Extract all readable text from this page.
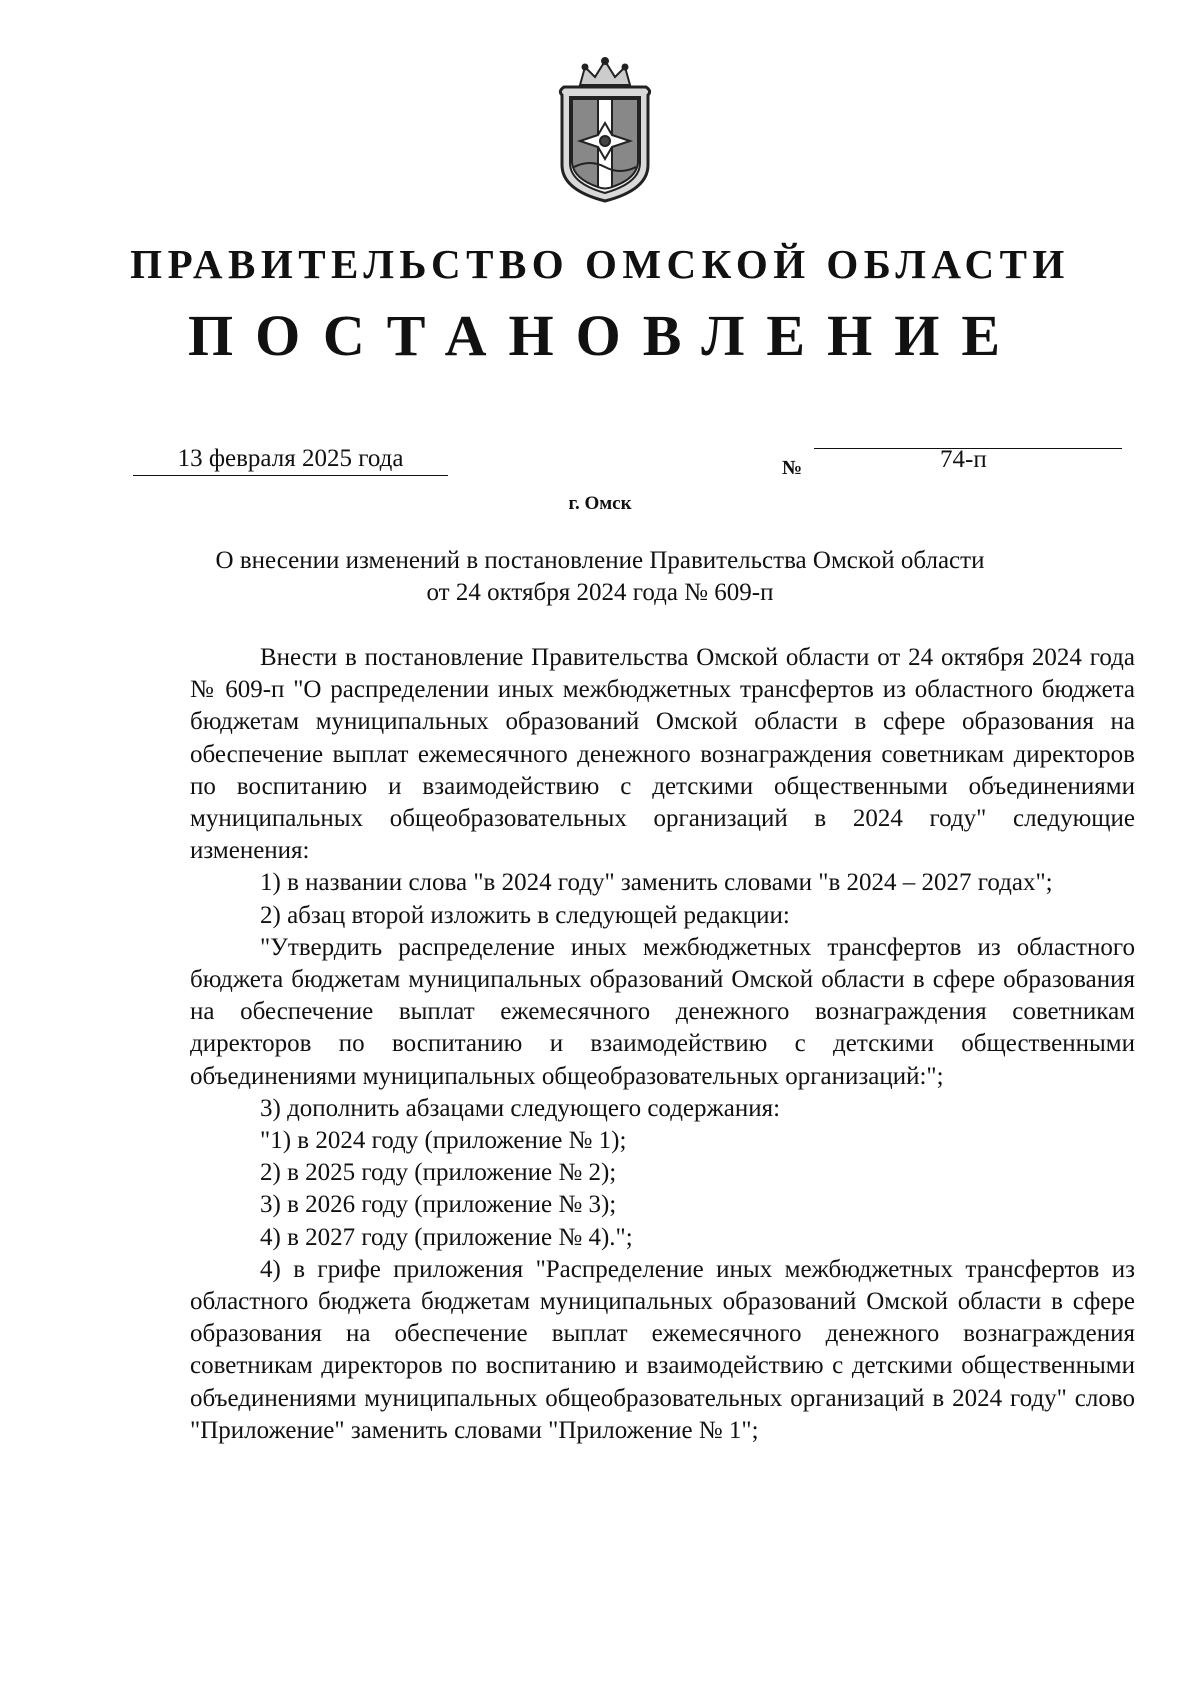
ПРАВИТЕЛЬСТВО ОМСКОЙ ОБЛАСТИ
ПОСТАНОВЛЕНИЕ
13 февраля 2025 года	№	74-п
г. Омск
О внесении изменений в постановление Правительства Омской области
от 24 октября 2024 года № 609-п

Внести в постановление Правительства Омской области от 24 октября 2024 года № 609-п "О распределении иных межбюджетных трансфертов из областного бюджета бюджетам муниципальных образований Омской области в сфере образования на обеспечение выплат ежемесячного денежного вознаграждения советникам директоров по воспитанию и взаимодействию с детскими общественными объединениями муниципальных общеобразовательных организаций в 2024 году" следующие изменения:

1) в названии слова "в 2024 году" заменить словами "в 2024 – 2027 годах";

2) абзац второй изложить в следующей редакции:

"Утвердить распределение иных межбюджетных трансфертов из областного бюджета бюджетам муниципальных образований Омской области в сфере образования на обеспечение выплат ежемесячного денежного вознаграждения советникам директоров по воспитанию и взаимодействию с детскими общественными объединениями муниципальных общеобразовательных организаций:";

3) дополнить абзацами следующего содержания:

"1) в 2024 году (приложение № 1);

2) в 2025 году (приложение № 2);

3) в 2026 году (приложение № 3);

4) в 2027 году (приложение № 4).";

4) в грифе приложения "Распределение иных межбюджетных трансфертов из областного бюджета бюджетам муниципальных образований Омской области в сфере образования на обеспечение выплат ежемесячного денежного вознаграждения советникам директоров по воспитанию и взаимодействию с детскими общественными объединениями муниципальных общеобразовательных организаций в 2024 году" слово "Приложение" заменить словами "Приложение № 1";
